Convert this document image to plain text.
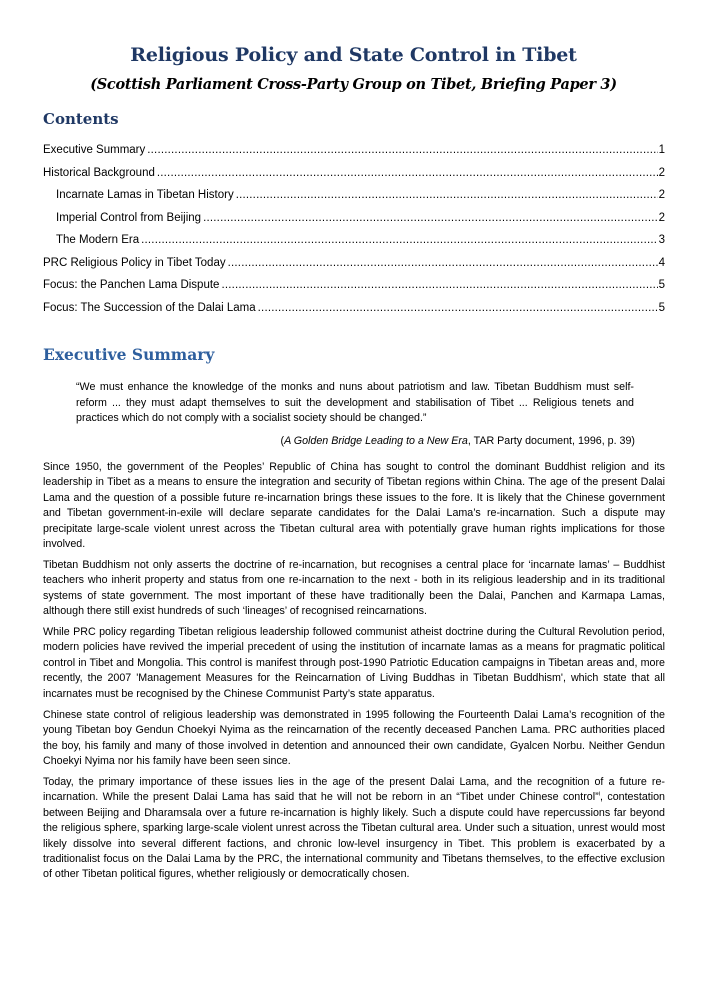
Religious Policy and State Control in Tibet
(Scottish Parliament Cross-Party Group on Tibet, Briefing Paper 3)
Contents
Executive Summary .....	1
Historical Background .....	2
Incarnate Lamas in Tibetan History .....	2
Imperial Control from Beijing .....	2
The Modern Era .....	3
PRC Religious Policy in Tibet Today .....	4
Focus: the Panchen Lama Dispute .....	5
Focus: The Succession of the Dalai Lama .....	5
Executive Summary

“We must enhance the knowledge of the monks and nuns about patriotism and law. Tibetan Buddhism must self-reform ... they must adapt themselves to suit the development and stabilisation of Tibet ... Religious tenets and practices which do not comply with a socialist society should be changed.”

(A Golden Bridge Leading to a New Era, TAR Party document, 1996, p. 39)

Since 1950, the government of the Peoples’ Republic of China has sought to control the dominant Buddhist religion and its leadership in Tibet as a means to ensure the integration and security of Tibetan regions within China. The age of the present Dalai Lama and the question of a possible future re-incarnation brings these issues to the fore. It is likely that the Chinese government and Tibetan government-in-exile will declare separate candidates for the Dalai Lama’s re-incarnation. Such a dispute may precipitate large-scale violent unrest across the Tibetan cultural area with potentially grave human rights implications for those involved.

Tibetan Buddhism not only asserts the doctrine of re-incarnation, but recognises a central place for ‘incarnate lamas’ – Buddhist teachers who inherit property and status from one re-incarnation to the next - both in its religious leadership and in its traditional systems of state government. The most important of these have traditionally been the Dalai, Panchen and Karmapa Lamas, although there still exist hundreds of such ‘lineages’ of recognised reincarnations.

While PRC policy regarding Tibetan religious leadership followed communist atheist doctrine during the Cultural Revolution period, modern policies have revived the imperial precedent of using the institution of incarnate lamas as a means for pragmatic political control in Tibet and Mongolia. This control is manifest through post-1990 Patriotic Education campaigns in Tibetan areas and, more recently, the 2007 'Management Measures for the Reincarnation of Living Buddhas in Tibetan Buddhism', which state that all incarnates must be recognised by the Chinese Communist Party’s state apparatus.

Chinese state control of religious leadership was demonstrated in 1995 following the Fourteenth Dalai Lama’s recognition of the young Tibetan boy Gendun Choekyi Nyima as the reincarnation of the recently deceased Panchen Lama. PRC authorities placed the boy, his family and many of those involved in detention and announced their own candidate, Gyalcen Norbu. Neither Gendun Choekyi Nyima nor his family have been seen since.

Today, the primary importance of these issues lies in the age of the present Dalai Lama, and the recognition of a future re-incarnation. While the present Dalai Lama has said that he will not be reborn in an “Tibet under Chinese control”$^i$, contestation between Beijing and Dharamsala over a future re-incarnation is highly likely. Such a dispute could have repercussions far beyond the religious sphere, sparking large-scale violent unrest across the Tibetan cultural area. Under such a situation, unrest would most likely dissolve into several different factions, and chronic low-level insurgency in Tibet. This problem is exacerbated by a traditionalist focus on the Dalai Lama by the PRC, the international community and Tibetans themselves, to the effective exclusion of other Tibetan political figures, whether religiously or democratically chosen.
